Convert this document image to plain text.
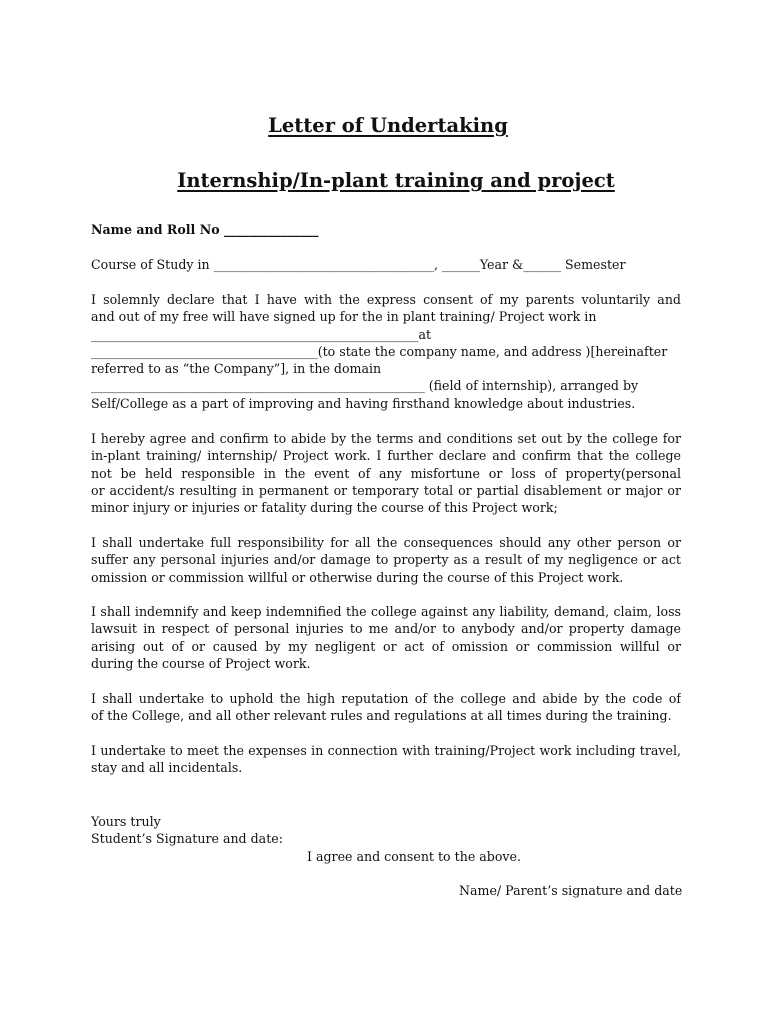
Letter of Undertaking
Internship/In-plant training and project
Name and Roll No _______________
Course of Study in ___________________________________, ______Year &______ Semester
I solemnly declare that I have with the express consent of my parents voluntarily and
and out of my free will have signed up for the in plant training/ Project work in
____________________________________________________at
____________________________________(to state the company name, and address )[hereinafter
referred to as “the Company”], in the domain
_____________________________________________________ (field of internship), arranged by
Self/College as a part of improving and having firsthand knowledge about industries.
I hereby agree and confirm to abide by the terms and conditions set out by the college for
in-plant training/ internship/ Project work. I further declare and confirm that the college
not be held responsible in the event of any misfortune or loss of property(personal
or accident/s resulting in permanent or temporary total or partial disablement or major or
minor injury or injuries or fatality during the course of this Project work;
I shall undertake full responsibility for all the consequences should any other person or
suffer any personal injuries and/or damage to property as a result of my negligence or act
omission or commission willful or otherwise during the course of this Project work.
I shall indemnify and keep indemnified the college against any liability, demand, claim, loss
lawsuit in respect of personal injuries to me and/or to anybody and/or property damage
arising out of or caused by my negligent or act of omission or commission willful or
during the course of Project work.
I shall undertake to uphold the high reputation of the college and abide by the code of
of the College, and all other relevant rules and regulations at all times during the training.
I undertake to meet the expenses in connection with training/Project work including travel,
stay and all incidentals.
Yours truly
Student’s Signature and date:
I agree and consent to the above.
Name/ Parent’s signature and date
